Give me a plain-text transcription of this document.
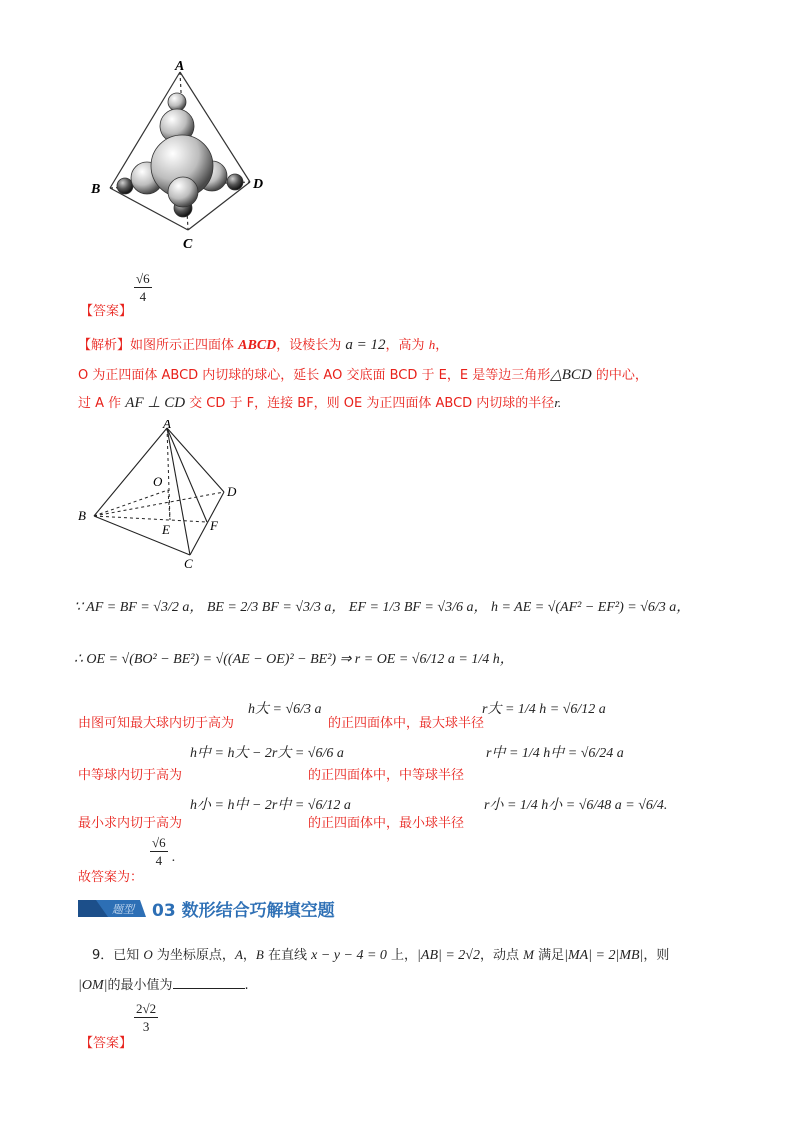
A
B	D
C
【答案】
$\frac{√6}{4}$
【解析】如图所示正四面体 ABCD，设棱长为 a = 12，高为 h，
O 为正四面体 ABCD 内切球的球心，延长 AO 交底面 BCD 于 E，E 是等边三角形△BCD 的中心，
过 A 作 AF ⊥ CD 交 CD 于 F，连接 BF，则 OE 为正四面体 ABCD 内切球的半径r.
A
O
D
B
E	F
C
∵ AF = BF = √3/2 a， BE = 2/3 BF = √3/3 a， EF = 1/3 BF = √3/6 a， h = AE = √(AF² − EF²) = √6/3 a，
∴ OE = √(BO² − BE²) = √((AE − OE)² − BE²) ⇒ r = OE = √6/12 a = 1/4 h，
h大 = √6/3 a	r大 = 1/4 h = √6/12 a
由图可知最大球内切于高为	的正四面体中，最大球半径
h中 = h大 − 2r大 = √6/6 a	r中 = 1/4 h中 = √6/24 a
中等球内切于高为	的正四面体中，中等球半径
h小 = h中 − 2r中 = √6/12 a	r小 = 1/4 h小 = √6/48 a = √6/4.
最小求内切于高为	的正四面体中，最小球半径
故答案为：
$\frac{√6}{4}$ .
题型 03 数形结合巧解填空题
9．已知 O 为坐标原点，A，B 在直线 x − y − 4 = 0 上，|AB| = 2√2，动点 M 满足|MA| = 2|MB|，则
|OM|的最小值为	.
【答案】
$\frac{2√2}{3}$
